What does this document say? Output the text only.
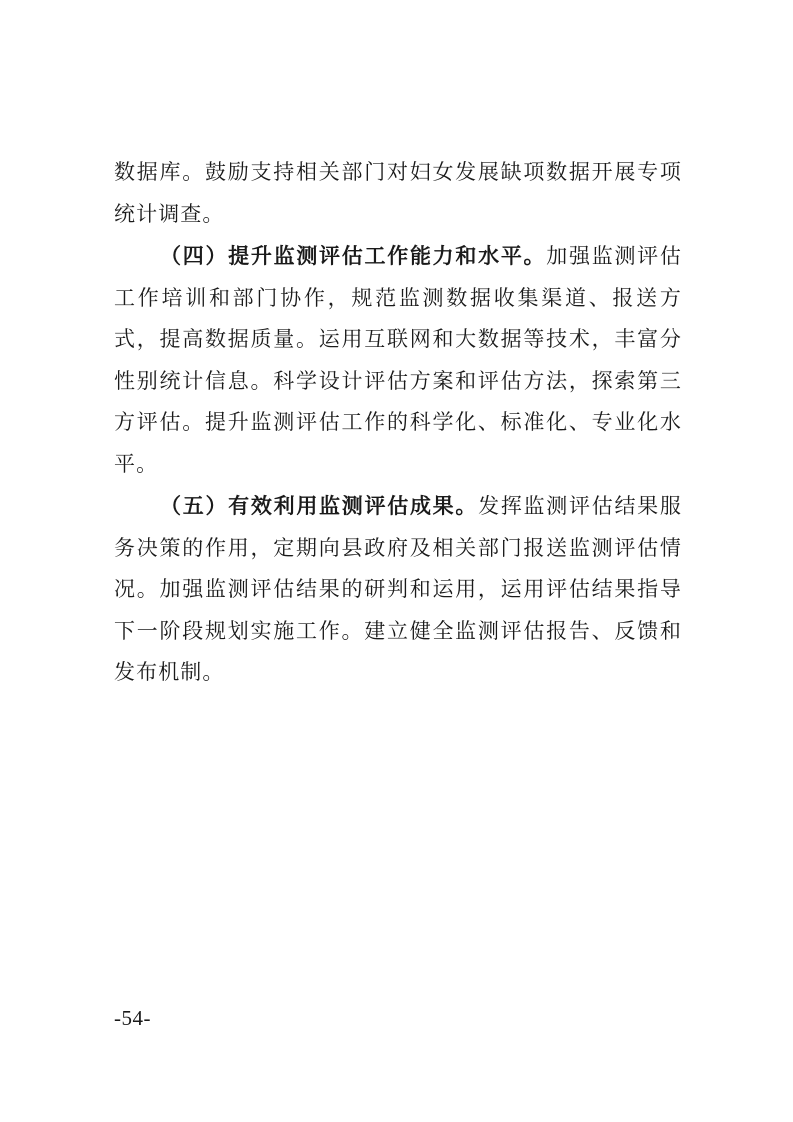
数据库。鼓励支持相关部门对妇女发展缺项数据开展专项统计调查。

（四）提升监测评估工作能力和水平。加强监测评估工作培训和部门协作，规范监测数据收集渠道、报送方式，提高数据质量。运用互联网和大数据等技术，丰富分性别统计信息。科学设计评估方案和评估方法，探索第三方评估。提升监测评估工作的科学化、标准化、专业化水平。

（五）有效利用监测评估成果。发挥监测评估结果服务决策的作用，定期向县政府及相关部门报送监测评估情况。加强监测评估结果的研判和运用，运用评估结果指导下一阶段规划实施工作。建立健全监测评估报告、反馈和发布机制。

-54-
